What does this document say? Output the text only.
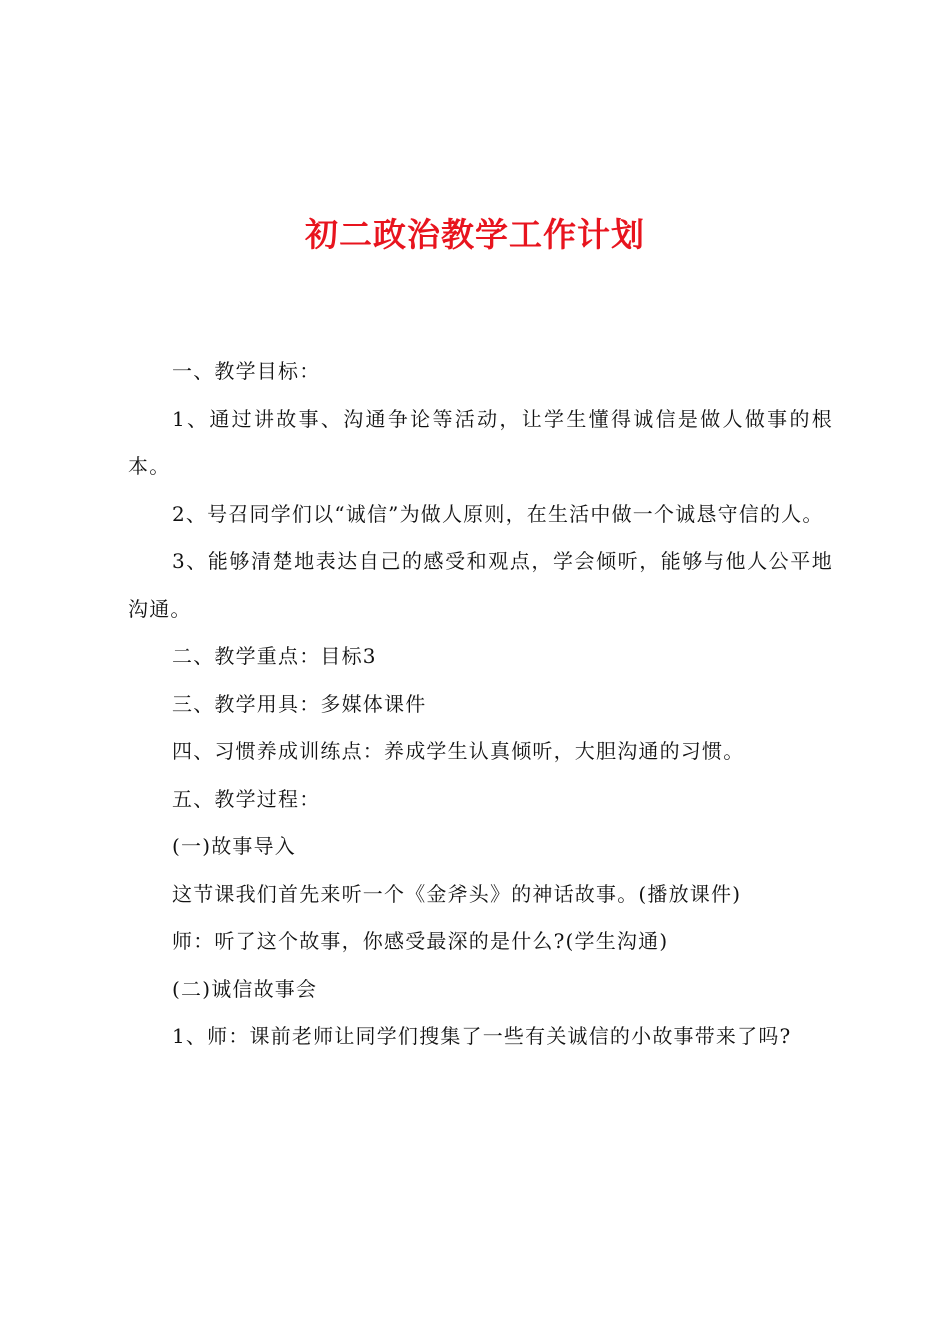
初二政治教学工作计划

一、教学目标：

1、通过讲故事、沟通争论等活动，让学生懂得诚信是做人做事的根本。

2、号召同学们以“诚信”为做人原则，在生活中做一个诚恳守信的人。

3、能够清楚地表达自己的感受和观点，学会倾听，能够与他人公平地沟通。

二、教学重点：目标3

三、教学用具：多媒体课件

四、习惯养成训练点：养成学生认真倾听，大胆沟通的习惯。

五、教学过程：

(一)故事导入

这节课我们首先来听一个《金斧头》的神话故事。(播放课件)

师：听了这个故事，你感受最深的是什么?(学生沟通)

(二)诚信故事会

1、师：课前老师让同学们搜集了一些有关诚信的小故事带来了吗?
